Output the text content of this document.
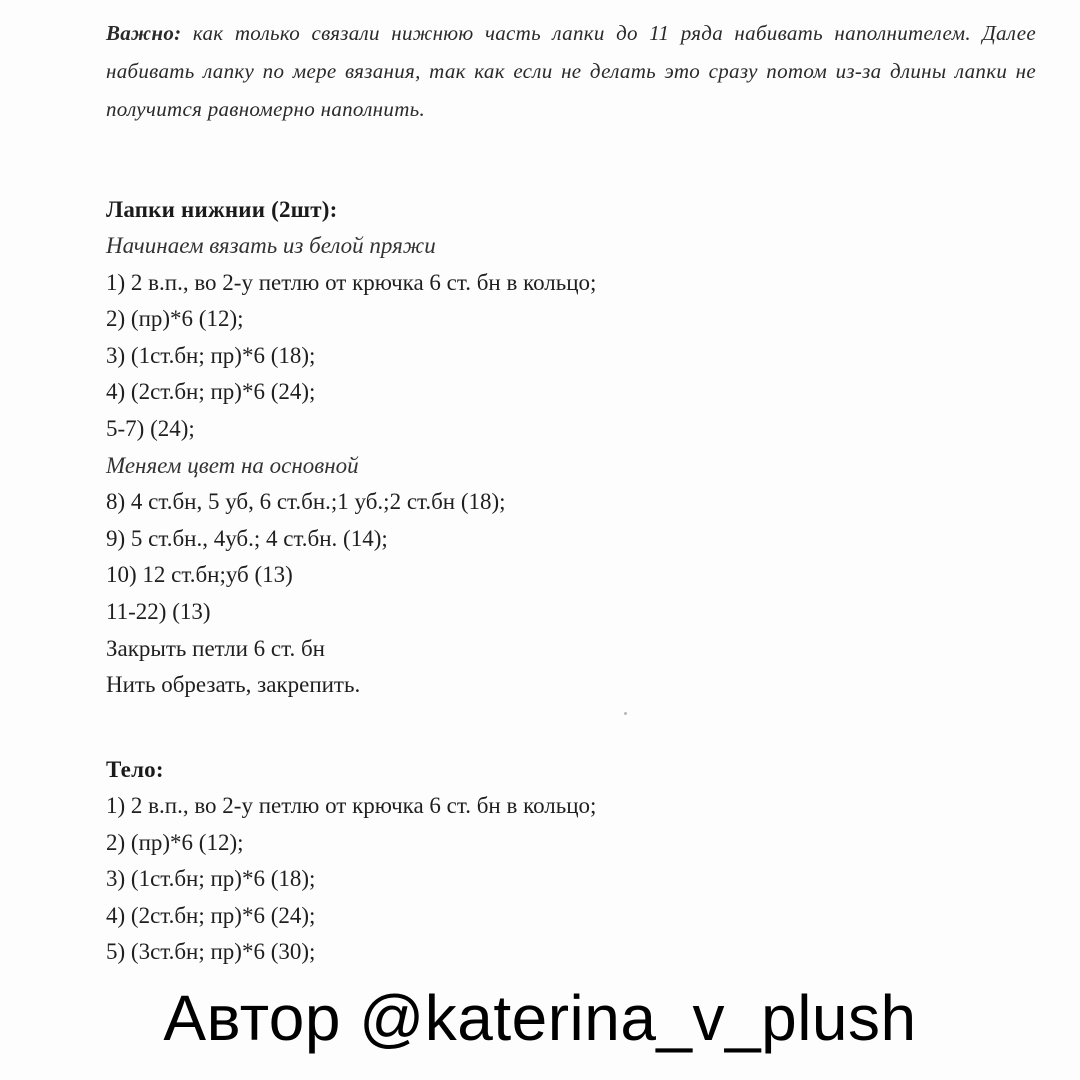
Важно: как только связали нижнюю часть лапки до 11 ряда набивать наполнителем. Далее набивать лапку по мере вязания, так как если не делать это сразу потом из-за длины лапки не получится равномерно наполнить.
Лапки нижнии (2шт):
Начинаем вязать из белой пряжи
1) 2 в.п., во 2-у петлю от крючка 6 ст. бн в кольцо;
2) (пр)*6 (12);
3) (1ст.бн; пр)*6 (18);
4) (2ст.бн; пр)*6 (24);
5-7) (24);
Меняем цвет на основной
8) 4 ст.бн, 5 уб, 6 ст.бн.;1 уб.;2 ст.бн (18);
9) 5 ст.бн., 4уб.; 4 ст.бн. (14);
10) 12 ст.бн;уб (13)
11-22) (13)
Закрыть петли 6 ст. бн
Нить обрезать, закрепить.
Тело:
1) 2 в.п., во 2-у петлю от крючка 6 ст. бн в кольцо;
2) (пр)*6 (12);
3) (1ст.бн; пр)*6 (18);
4) (2ст.бн; пр)*6 (24);
5) (3ст.бн; пр)*6 (30);
Автор @katerina_v_plush
